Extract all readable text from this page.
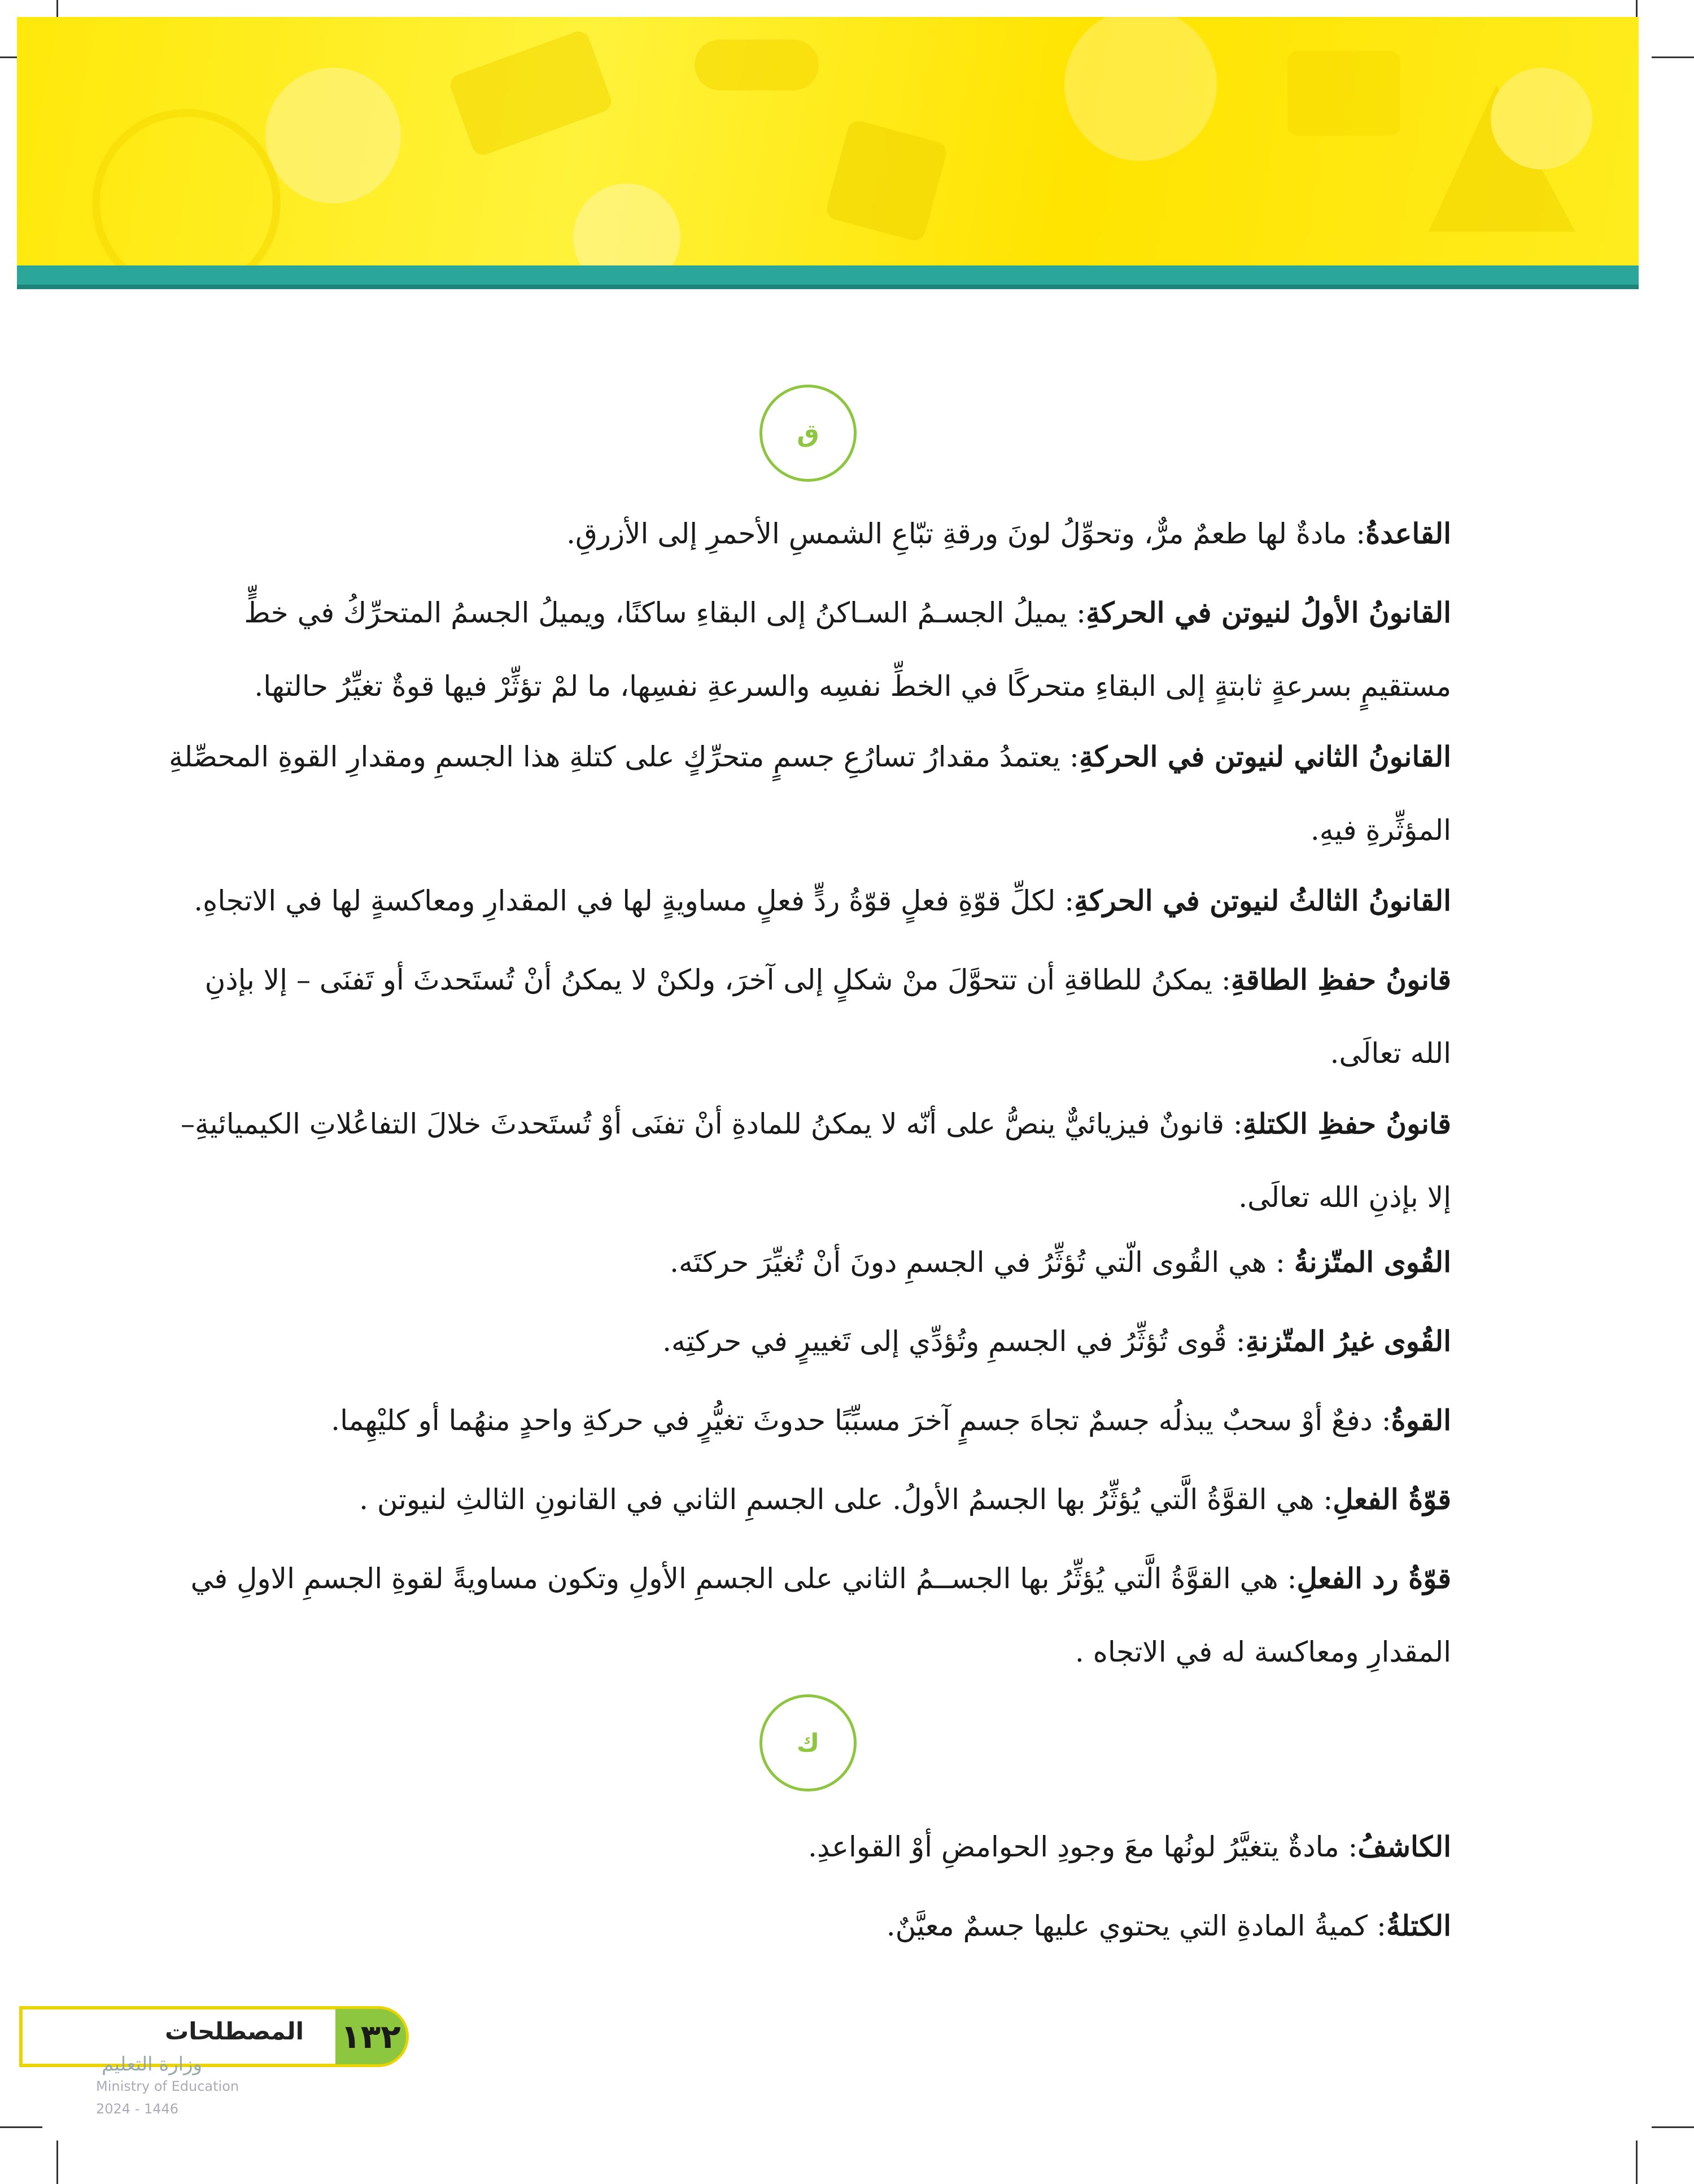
ق
القاعدةُ: مادةٌ لها طعمٌ مرٌّ، وتحوِّلُ لونَ ورقةِ تبّاعِ الشمسِ الأحمرِ إلى الأزرقِ.
القانونُ الأولُ لنيوتن في الحركةِ: يميلُ الجسـمُ السـاكنُ إلى البقاءِ ساكنًا، ويميلُ الجسمُ المتحرِّكُ في خطٍّ مستقيمٍ بسرعةٍ ثابتةٍ إلى البقاءِ متحركًا في الخطِّ نفسِه والسرعةِ نفسِها، ما لمْ تؤثِّرْ فيها قوةٌ تغيِّرُ حالتها.
القانونُ الثاني لنيوتن في الحركةِ: يعتمدُ مقدارُ تسارُعِ جسمٍ متحرِّكٍ على كتلةِ هذا الجسمِ ومقدارِ القوةِ المحصِّلةِ المؤثِّرةِ فيهِ.
القانونُ الثالثُ لنيوتن في الحركةِ: لكلِّ قوّةِ فعلٍ قوّةُ ردٍّ فعلٍ مساويةٍ لها في المقدارِ ومعاكسةٍ لها في الاتجاهِ.
قانونُ حفظِ الطاقةِ: يمكنُ للطاقةِ أن تتحوَّلَ منْ شكلٍ إلى آخرَ، ولكنْ لا يمكنُ أنْ تُستَحدثَ أو تَفنَى – إلا بإذنِ الله تعالَى.
قانونُ حفظِ الكتلةِ: قانونٌ فيزيائيٌّ ينصُّ على أنّه لا يمكنُ للمادةِ أنْ تفنَى أوْ تُستَحدثَ خلالَ التفاعُلاتِ الكيميائيةِ– إلا بإذنِ الله تعالَى.
القُوى المتّزنةُ : هي القُوى الّتي تُؤثِّرُ في الجسمِ دونَ أنْ تُغيِّرَ حركتَه.
القُوى غيرُ المتّزنةِ: قُوى تُؤثِّرُ في الجسمِ وتُؤدِّي إلى تَغييرٍ في حركتِه.
القوةُ: دفعٌ أوْ سحبٌ يبذلُه جسمٌ تجاهَ جسمٍ آخرَ مسبِّبًا حدوثَ تغيُّرٍ في حركةِ واحدٍ منهُما أو كليْهِما.
قوّةُ الفعلِ: هي القوَّةُ الَّتي يُؤثِّرُ بها الجسمُ الأولُ. على الجسمِ الثاني في القانونِ الثالثِ لنيوتن .
قوّةُ رد الفعلِ: هي القوَّةُ الَّتي يُؤثِّرُ بها الجســمُ الثاني على الجسمِ الأولِ وتكون مساويةً لقوةِ الجسمِ الاولِ في المقدارِ ومعاكسة له في الاتجاه .
ك
الكاشفُ: مادةٌ يتغيَّرُ لونُها معَ وجودِ الحوامضِ أوْ القواعدِ.
الكتلةُ: كميةُ المادةِ التي يحتوي عليها جسمٌ معيَّنٌ.
المصطلحات	١٣٢
وزارة التعليم
Ministry of Education
2024 - 1446
